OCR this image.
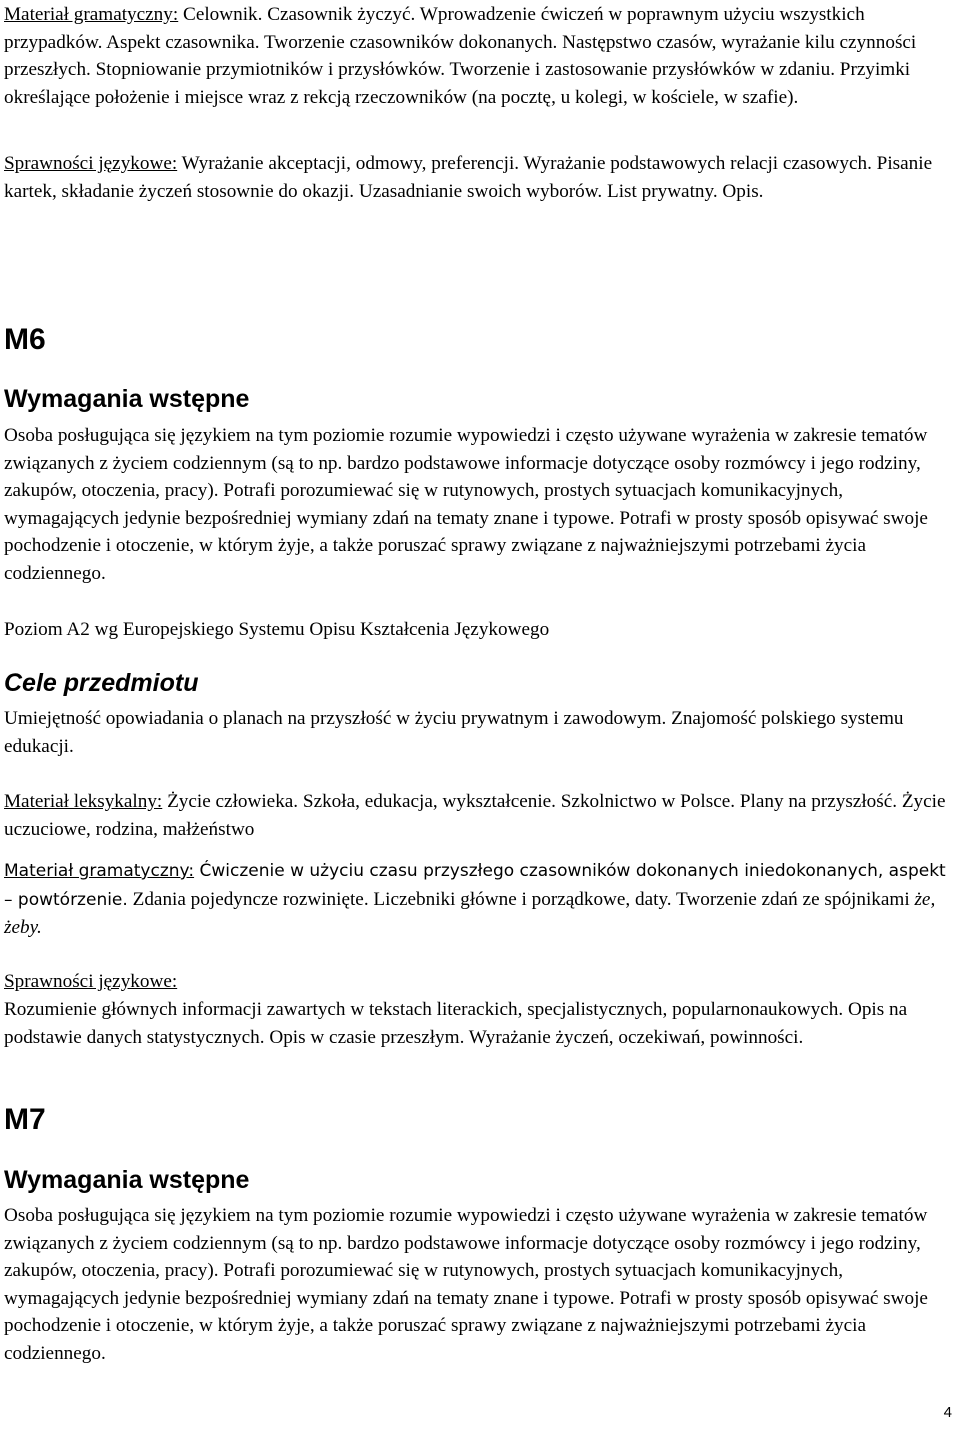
Materiał gramatyczny: Celownik. Czasownik życzyć. Wprowadzenie ćwiczeń w poprawnym użyciu wszystkich przypadków. Aspekt czasownika. Tworzenie czasowników dokonanych. Następstwo czasów, wyrażanie kilu czynności przeszłych. Stopniowanie przymiotników i przysłówków. Tworzenie i zastosowanie przysłówków w zdaniu. Przyimki określające położenie i miejsce wraz z rekcją rzeczowników (na pocztę, u kolegi, w kościele, w szafie).

Sprawności językowe: Wyrażanie akceptacji, odmowy, preferencji. Wyrażanie podstawowych relacji czasowych. Pisanie kartek, składanie życzeń stosownie do okazji. Uzasadnianie swoich wyborów. List prywatny. Opis.

M6
Wymagania wstępne

Osoba posługująca się językiem na tym poziomie rozumie wypowiedzi i często używane wyrażenia w zakresie tematów związanych z życiem codziennym (są to np. bardzo podstawowe informacje dotyczące osoby rozmówcy i jego rodziny, zakupów, otoczenia, pracy). Potrafi porozumiewać się w rutynowych, prostych sytuacjach komunikacyjnych, wymagających jedynie bezpośredniej wymiany zdań na tematy znane i typowe. Potrafi w prosty sposób opisywać swoje pochodzenie i otoczenie, w którym żyje, a także poruszać sprawy związane z najważniejszymi potrzebami życia codziennego.

Poziom A2 wg Europejskiego Systemu Opisu Kształcenia Językowego

Cele przedmiotu

Umiejętność opowiadania o planach na przyszłość w życiu prywatnym i zawodowym. Znajomość polskiego systemu edukacji.

Materiał leksykalny: Życie człowieka. Szkoła, edukacja, wykształcenie. Szkolnictwo w Polsce. Plany na przyszłość. Życie uczuciowe, rodzina, małżeństwo

Materiał gramatyczny: Ćwiczenie w użyciu czasu przyszłego czasowników dokonanych iniedokonanych, aspekt – powtórzenie. Zdania pojedyncze rozwinięte. Liczebniki główne i porządkowe, daty. Tworzenie zdań ze spójnikami że, żeby.

Sprawności językowe:

Rozumienie głównych informacji zawartych w tekstach literackich, specjalistycznych, popularnonaukowych. Opis na podstawie danych statystycznych. Opis w czasie przeszłym. Wyrażanie życzeń, oczekiwań, powinności.

M7
Wymagania wstępne

Osoba posługująca się językiem na tym poziomie rozumie wypowiedzi i często używane wyrażenia w zakresie tematów związanych z życiem codziennym (są to np. bardzo podstawowe informacje dotyczące osoby rozmówcy i jego rodziny, zakupów, otoczenia, pracy). Potrafi porozumiewać się w rutynowych, prostych sytuacjach komunikacyjnych, wymagających jedynie bezpośredniej wymiany zdań na tematy znane i typowe. Potrafi w prosty sposób opisywać swoje pochodzenie i otoczenie, w którym żyje, a także poruszać sprawy związane z najważniejszymi potrzebami życia codziennego.

4
